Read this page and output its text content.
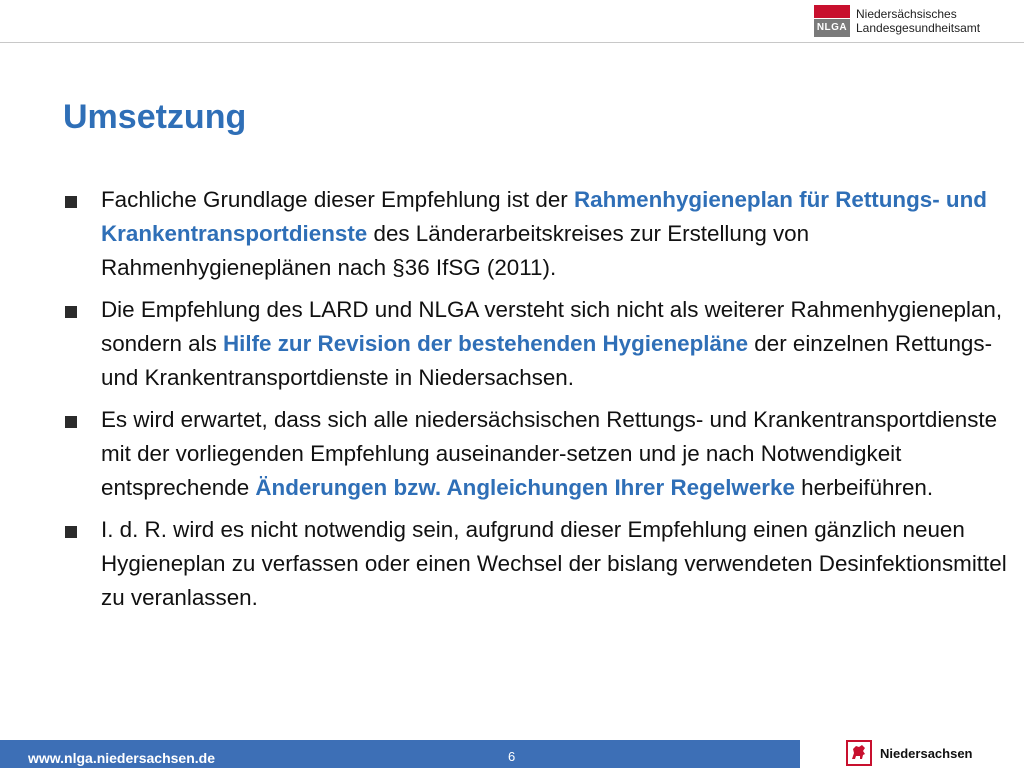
NLGA
Niedersächsisches
Landesgesundheitsamt
Umsetzung
Fachliche Grundlage dieser Empfehlung ist der Rahmenhygieneplan für Rettungs- und Krankentransportdienste des Länderarbeitskreises zur Erstellung von Rahmenhygieneplänen nach §36 IfSG (2011).
Die Empfehlung des LARD und NLGA versteht sich nicht als weiterer Rahmenhygieneplan, sondern als Hilfe zur Revision der bestehenden Hygienepläne der einzelnen Rettungs- und Krankentransportdienste in Niedersachsen.
Es wird erwartet, dass sich alle niedersächsischen Rettungs- und Krankentransportdienste mit der vorliegenden Empfehlung auseinander-setzen und je nach Notwendigkeit entsprechende Änderungen bzw. Angleichungen Ihrer Regelwerke herbeiführen.
I. d. R. wird es nicht notwendig sein, aufgrund dieser Empfehlung einen gänzlich neuen Hygieneplan zu verfassen oder einen Wechsel der bislang verwendeten Desinfektionsmittel zu veranlassen.
www.nlga.niedersachsen.de	6	Niedersachsen
